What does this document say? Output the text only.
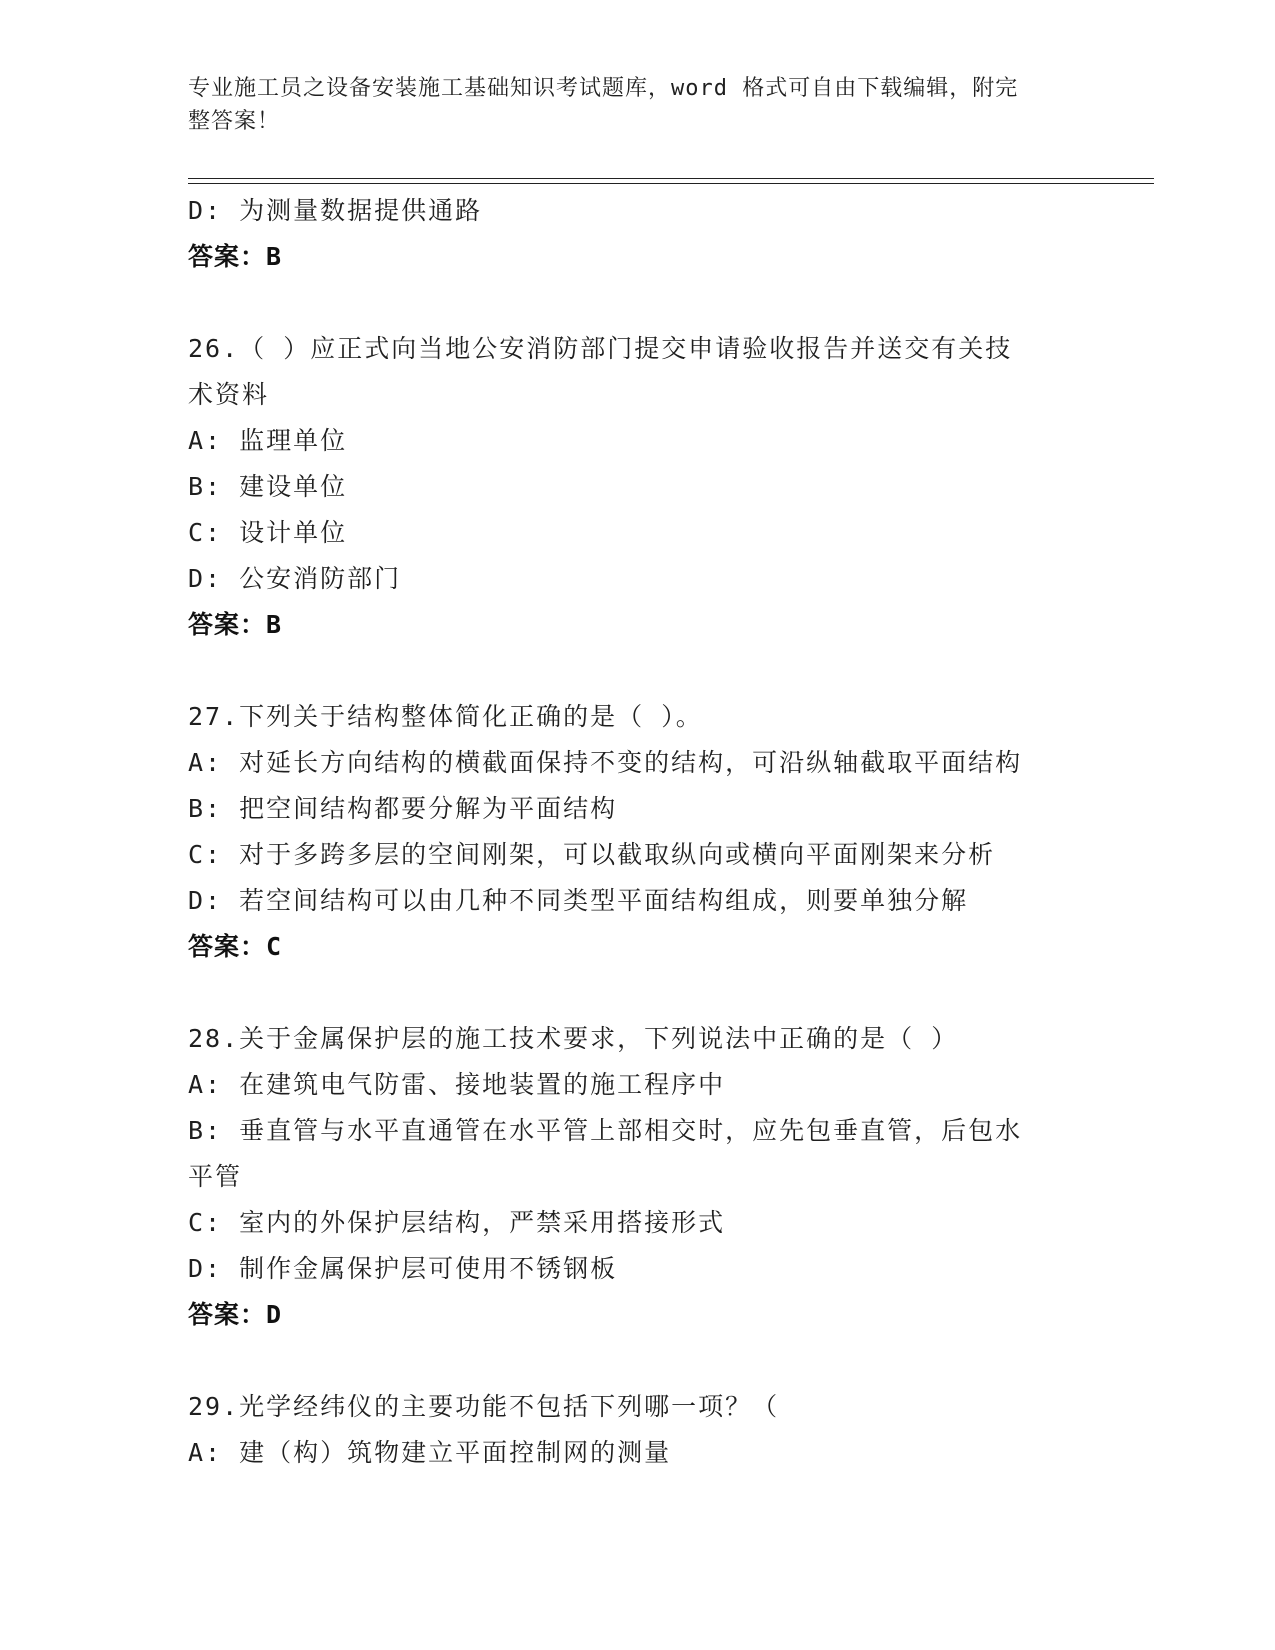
专业施工员之设备安装施工基础知识考试题库，word 格式可自由下载编辑，附完
整答案！
D: 为测量数据提供通路
答案：B
26.（ ）应正式向当地公安消防部门提交申请验收报告并送交有关技
术资料
A: 监理单位
B: 建设单位
C: 设计单位
D: 公安消防部门
答案：B
27.下列关于结构整体简化正确的是（ ）。
A: 对延长方向结构的横截面保持不变的结构，可沿纵轴截取平面结构
B: 把空间结构都要分解为平面结构
C: 对于多跨多层的空间刚架，可以截取纵向或横向平面刚架来分析
D: 若空间结构可以由几种不同类型平面结构组成，则要单独分解
答案：C
28.关于金属保护层的施工技术要求，下列说法中正确的是（ ）
A: 在建筑电气防雷、接地装置的施工程序中
B: 垂直管与水平直通管在水平管上部相交时，应先包垂直管，后包水
平管
C: 室内的外保护层结构，严禁采用搭接形式
D: 制作金属保护层可使用不锈钢板
答案：D
29.光学经纬仪的主要功能不包括下列哪一项？（
A: 建（构）筑物建立平面控制网的测量
